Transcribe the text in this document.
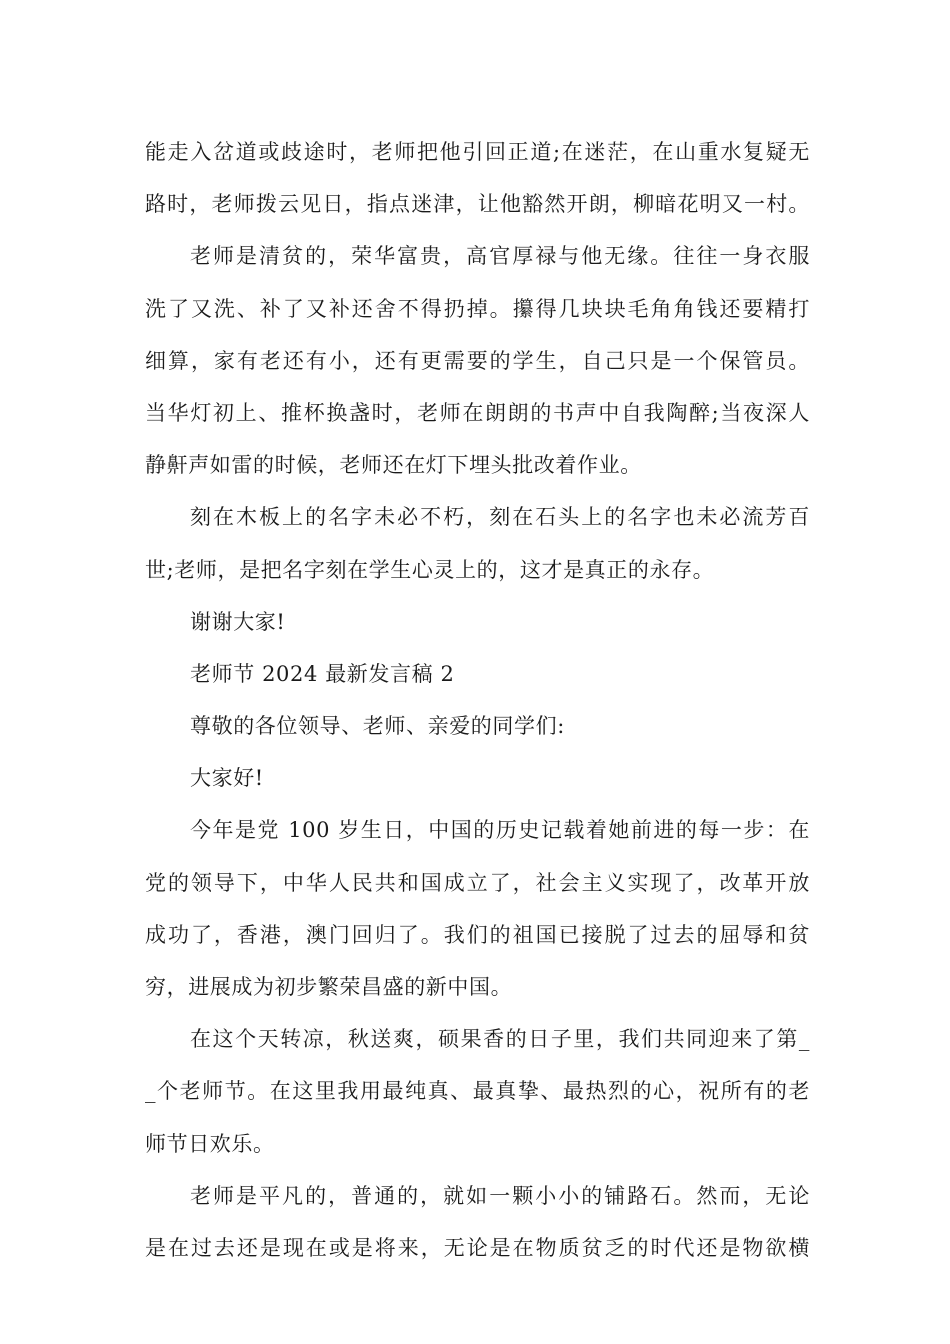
能走入岔道或歧途时，老师把他引回正道;在迷茫，在山重水复疑无
路时，老师拨云见日，指点迷津，让他豁然开朗，柳暗花明又一村。
老师是清贫的，荣华富贵，高官厚禄与他无缘。往往一身衣服
洗了又洗、补了又补还舍不得扔掉。攥得几块块毛角角钱还要精打
细算，家有老还有小，还有更需要的学生，自己只是一个保管员。
当华灯初上、推杯换盏时，老师在朗朗的书声中自我陶醉;当夜深人
静鼾声如雷的时候，老师还在灯下埋头批改着作业。
刻在木板上的名字未必不朽，刻在石头上的名字也未必流芳百
世;老师，是把名字刻在学生心灵上的，这才是真正的永存。
谢谢大家!
老师节 2024 最新发言稿 2
尊敬的各位领导、老师、亲爱的同学们:
大家好!
今年是党 100 岁生日，中国的历史记载着她前进的每一步：在
党的领导下，中华人民共和国成立了，社会主义实现了，改革开放
成功了，香港，澳门回归了。我们的祖国已接脱了过去的屈辱和贫
穷，进展成为初步繁荣昌盛的新中国。
在这个天转凉，秋送爽，硕果香的日子里，我们共同迎来了第_
_个老师节。在这里我用最纯真、最真挚、最热烈的心，祝所有的老
师节日欢乐。
老师是平凡的，普通的，就如一颗小小的铺路石。然而，无论
是在过去还是现在或是将来，无论是在物质贫乏的时代还是物欲横
